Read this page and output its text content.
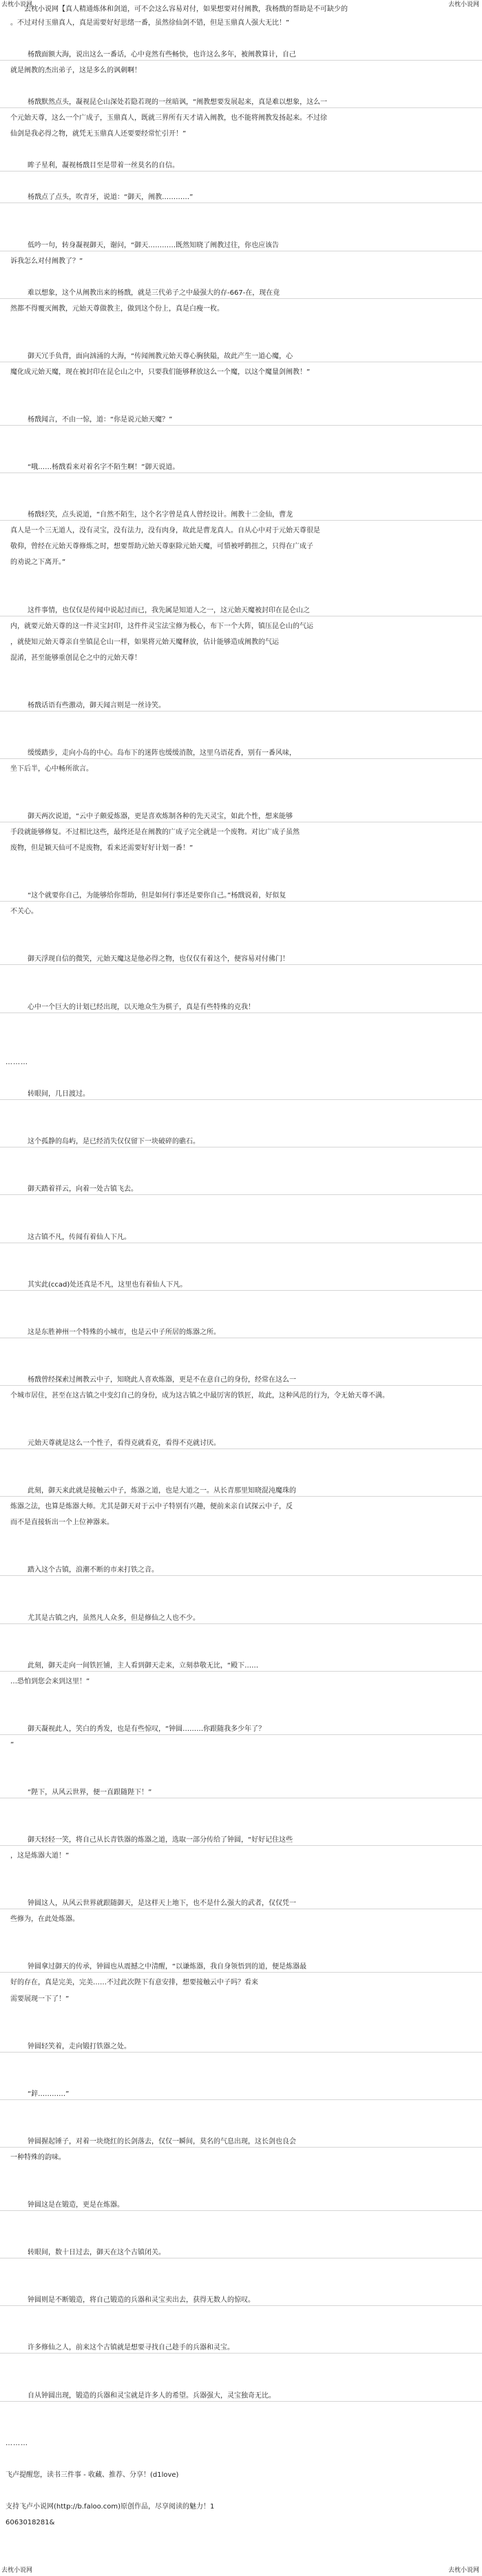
去枕小说网	去枕小说网
　　去枕小说网【真人精通炼体和剑道，可不会这么容易对付，如果想要对付阐教，我杨戬的帮助是不可缺少的
。不过对付玉鼎真人，真是需要好好思绪一番，虽然徐仙剑不错，但是玉鼎真人强大无比！”
杨戬面额大海，说出这么一番话，心中竟然有些畅快，也许这么多年，被阐教算计，自己
就是阐教的杰出弟子，这是多么的讽刺啊！
杨戬默然点头，凝视昆仑山深处若隐若现的一丝暗讽，“阐教想要发展起来，真是难以想象，这么一
个元始天尊，这么一个广成子，玉鼎真人，既就三界所有天才请入阐教，也不能将阐教发扬起来。不过徐
仙剑是我必得之物，就凭无玉鼎真人还要要经常忙引开！”
眸子星利，凝视杨戬目至是带着一丝莫名的自信。
杨戬点了点头，吹青牙，说道：“御天，阐教…………”
低吟一句，转身凝视御天，谢问，“御天…………既然知晓了阐教过往，你也应该告
诉我怎么对付阐教了？”
难以想象，这个从阐教出来的杨戬，就是三代弟子之中最强大的存-667-在，现在竟
然都不得覆灭阐教，元始天尊做教主，做到这个份上，真是白瘦一枚。
御天冗手负背，面向汹涌的大海，“传闻阐教元始天尊心胸狭隘，故此产生一道心魔，心
魔化成元始天魔，现在被封印在昆仑山之中，只要我们能够释放这么一个魔，以这个魔量剑阐教！”
杨戬闻言，不由一惊，道：“你是说元始天魔？”
“哦……杨戬看来对着名字不陌生啊！”御天说道。
杨戬轻笑，点头说道，“自然不陌生，这个名字曾是真人曾经设计。阐教十二金仙，曹龙
真人是一个三无道人，没有灵宝，没有法力，没有肉身，故此是曹龙真人。自从心中对于元始天尊很是
敬仰，曾经在元始天尊修炼之时，想要帮助元始天尊驱除元始天魔，可惜被呼鹤扭之，只得在广成子
的劝说之下离开。”
这件事情，也仅仅是传闻中说起过而已，我先属是知道人之一，这元始天魔被封印在昆仑山之
内，就要元始天尊的这一件灵宝封印，这件件灵宝法宝修为极心，布下一个大阵，镇压昆仑山的气运
，就使知元始天尊亲自坐镇昆仑山一样，如果将元始天魔释放，估计能够造成阐教的气运
混淆，甚至能够重创昆仑之中的元始天尊！
杨戬话语有些激动，御天闻言则是一丝诗笑。
缓缓踏步，走向小岛的中心。岛布下的迷阵也缓缓消散，这里乌语花香，别有一番风味，
坐下后半，心中畅所欲言。
御天两次说道，“云中子颇爱炼器，更是喜欢炼制各种的先天灵宝，如此个性，想来能够
手段就能够修复。不过相比这些，最终还是在阐教的广成子完全就是一个废物。对比广成子虽然
废物，但是颖天仙可不是废物，看来还需要好好计划一番！”
“这个就要你自己，为能够给你帮助，但是如何行事还是要你自己。”杨戬说着，好似复
不关心。
御天浮现自信的微笑，元始天魔这是他必得之物，也仅仅有着这个，便容易对付佛门！
心中一个巨大的计划已经出现，以天地众生为棋子，真是有些特殊的克我！
………
转眼间，几日渡过。
这个孤静的岛屿，是已经消失仅仅留下一块破碎的礁石。
御天踏着祥云，向着一处古镇飞去。
这古镇不凡，传闻有着仙人下凡。
其实此(ccad)处还真是不凡，这里也有着仙人下凡。
这是东胜神州一个特殊的小城市，也是云中子所居的炼器之所。
杨戬曾经探索过阐教云中子，知晓此人喜欢炼器，更是不在意自己的身份，经常在这么一
个城市居住，甚至在这古镇之中变幻自己的身份，成为这古镇之中最厉害的铁匠，故此，这种风范的行为，令无始天尊不满。
元始天尊就是这么一个性子，看得克就看克，看得不克就讨厌。
此刻，御天来此就是接触云中子，炼器之道，也是大道之一。从长青那里知晓混沌魔珠的
炼器之法，也算是炼器大师。尤其是御天对于云中子特别有兴趣，便前来亲自试探云中子，反
而不是直接斩出一个上位神器来。
踏入这个古镇，浪潮不断的市来打铁之音。
尤其是古镇之内，虽然凡人众多，但是修仙之人也不少。
此刻，御天走向一间铁匠铺，主人看到御天走来，立刻恭敬无比，“殿下……
…恐怕到您会来到这里！”
御天凝视此人，笑白的秀发，也是有些惊叹，“钟圆………你跟随我多少年了？
”
“陛下，从风云世界，便一直跟随陛下！”
御天轻轻一笑，将自己从长青铁器的炼器之道，选取一部分传给了钟圆，“好好记住这些
，这是炼器大道！”
钟圆这人，从风云世界就跟随御天，是这样天上地下，也不是什么强大的武者，仅仅凭一
些修为，在此处炼器。
钟圆拿过御天的传承，钟圆也从震撼之中清醒，“以谦炼器，我自身领悟到的道，便是炼器最
好的存在，真是完美，完美……不过此次陛下有意安排，想要接触云中子吗？看来
需要展现一下了！”
钟圆轻笑着，走向锻打铁器之处。
“鋅…………”
钟圆握起锤子，对着一块烧红的长剑落去，仅仅一瞬间，莫名的气息出现，这长剑也良会
一种特殊的韵味。
钟圆这是在锻造，更是在炼器。
转眼间，数十日过去，御天在这个古镇闭关。
钟圆则是不断锻造，将自己锻造的兵器和灵宝卖出去，获得无数人的惊叹。
许多修仙之人，前来这个古镇就是想要寻找自己趁手的兵器和灵宝。
自从钟圆出现，锻造的兵器和灵宝就是许多人的希望。兵器强大，灵宝独奇无比。
………
飞卢提醒您，读书三件事 - 收藏、推荐、分享！(d1love)
支持飞卢小说网(http://b.faloo.com)原创作品，尽享阅读的魅力！1
6063018281&
去枕小说网	去枕小说网
